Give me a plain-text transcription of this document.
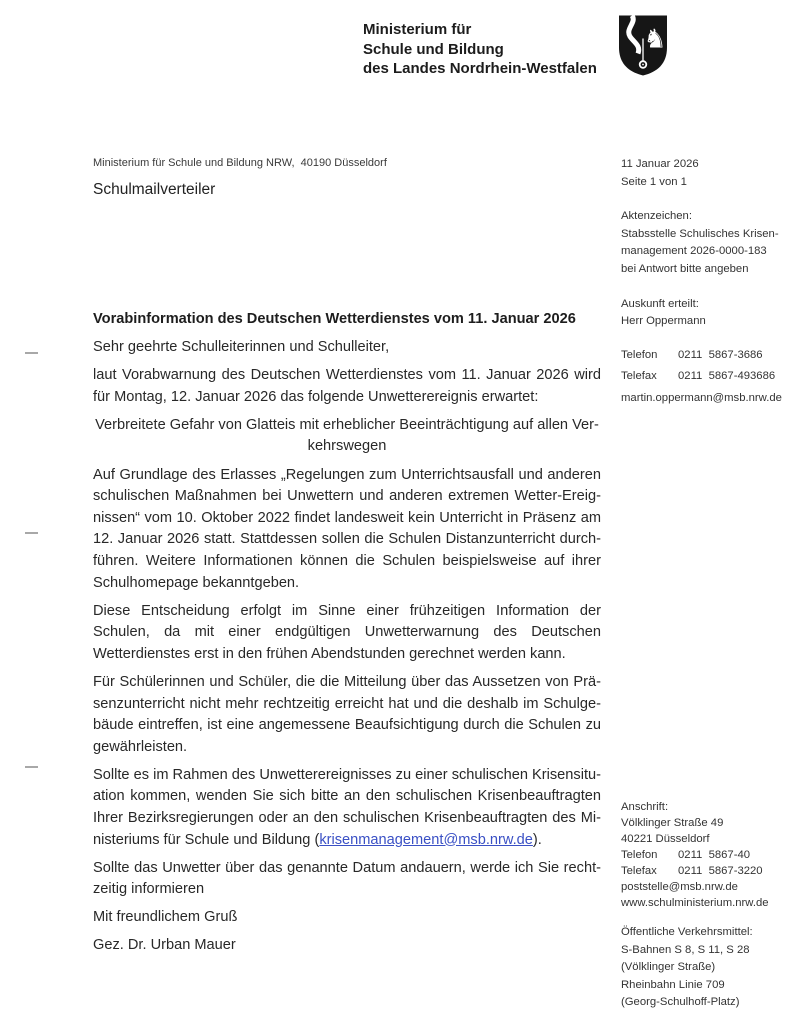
Ministerium für
Schule und Bildung
des Landes Nordrhein-Westfalen
♞
Ministerium für Schule und Bildung NRW,  40190 Düsseldorf
Schulmailverteiler
11 Januar 2026
Seite 1 von 1
Aktenzeichen:
Stabsstelle Schulisches Krisen-
management 2026-0000-183
bei Antwort bitte angeben
Auskunft erteilt:
Herr Oppermann
Telefon	0211  5867-3686
Telefax	0211  5867-493686
martin.oppermann@msb.nrw.de

Vorabinformation des Deutschen Wetterdienstes vom 11. Januar 2026

Sehr geehrte Schulleiterinnen und Schulleiter,

laut Vorabwarnung des Deutschen Wetterdienstes vom 11. Januar 2026 wird für Montag, 12. Januar 2026 das folgende Unwetterereignis erwartet:

Verbreitete Gefahr von Glatteis mit erheblicher Beeinträchtigung auf allen Verkehrswegen

Auf Grundlage des Erlasses „Regelungen zum Unterrichtsausfall und anderen schulischen Maßnahmen bei Unwettern und anderen extremen Wetter-Ereignissen“ vom 10. Oktober 2022 findet landesweit kein Unterricht in Präsenz am 12. Januar 2026 statt. Stattdessen sollen die Schulen Distanzunterricht durchführen. Weitere Informationen können die Schulen beispielsweise auf ihrer Schulhomepage bekanntgeben.

Diese Entscheidung erfolgt im Sinne einer frühzeitigen Information der Schulen, da mit einer endgültigen Unwetterwarnung des Deutschen Wetterdienstes erst in den frühen Abendstunden gerechnet werden kann.

Für Schülerinnen und Schüler, die die Mitteilung über das Aussetzen von Präsenzunterricht nicht mehr rechtzeitig erreicht hat und die deshalb im Schulgebäude eintreffen, ist eine angemessene Beaufsichtigung durch die Schulen zu gewährleisten.

Sollte es im Rahmen des Unwetterereignisses zu einer schulischen Krisensituation kommen, wenden Sie sich bitte an den schulischen Krisenbeauftragten Ihrer Bezirksregierungen oder an den schulischen Krisenbeauftragten des Ministeriums für Schule und Bildung (krisenmanagement@msb.nrw.de).

Sollte das Unwetter über das genannte Datum andauern, werde ich Sie rechtzeitig informieren

Mit freundlichem Gruß

Gez. Dr. Urban Mauer

Anschrift:
Völklinger Straße 49
40221 Düsseldorf
Telefon	0211  5867-40
Telefax	0211  5867-3220
poststelle@msb.nrw.de
www.schulministerium.nrw.de
Öffentliche Verkehrsmittel:
S-Bahnen S 8, S 11, S 28
(Völklinger Straße)
Rheinbahn Linie 709
(Georg-Schulhoff-Platz)
